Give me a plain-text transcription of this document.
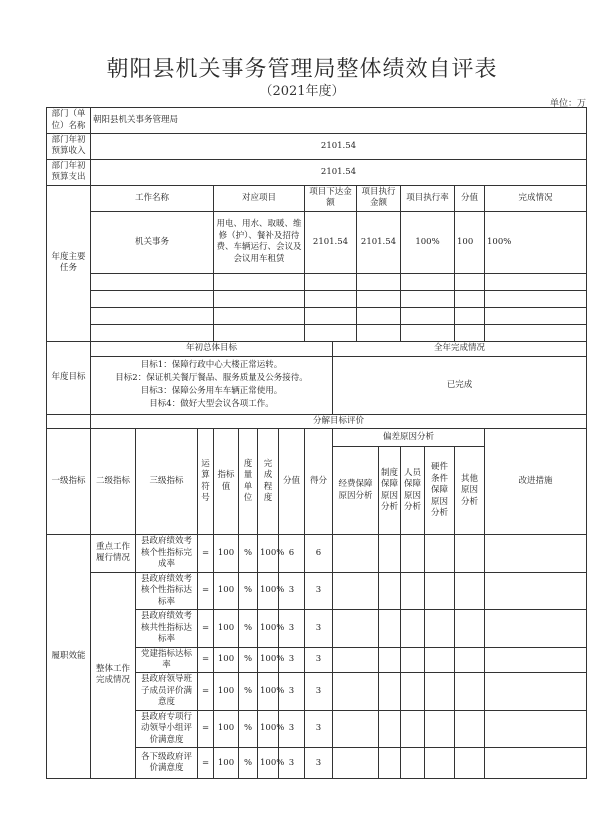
朝阳县机关事务管理局整体绩效自评表
（2021年度）
单位：万
部门（单位）名称	朝阳县机关事务管理局														
部门年初预算收入	2101.54														
部门年初预算支出	2101.54														
年度主要任务	工作名称			对应项目				项目下达金额		项目执行金额		项目执行率		分值	完成情况
	机关事务			用电、用水、取暖、维修（护）、餐补及招待费、车辆运行、会议及会议用车租赁				2101.54		2101.54		100%		100	100%

年度目标	年初总体目标								全年完成情况						

	目标1：保障行政中心大楼正常运转。
目标2：保证机关餐厅餐品、服务质量及公务接待。
目标3：保障公务用车车辆正常使用。
目标4：做好大型会议各项工作。								已完成						
	分解目标评价														
一级指标	二级指标	三级指标	运算符号	指标值	度量单位	完成程度	分值	得分	偏差原因分析						改进措施
									经费保障原因分析		制度保障原因分析	人员保障原因分析	硬件条件保障原因分析	其他原因分析	
履职效能	重点工作履行情况	县政府绩效考核个性指标完成率	=	100	%	100%	6	6							
	整体工作完成情况	县政府绩效考核个性指标达标率	=	100	%	100%	3	3							
		县政府绩效考核共性指标达标率	=	100	%	100%	3	3							
		党建指标达标率	=	100	%	100%	3	3							
		县政府领导班子成员评价满意度	=	100	%	100%	3	3							
		县政府专项行动领导小组评价满意度	=	100	%	100%	3	3							
		各下级政府评价满意度	=	100	%	100%	3	3							
